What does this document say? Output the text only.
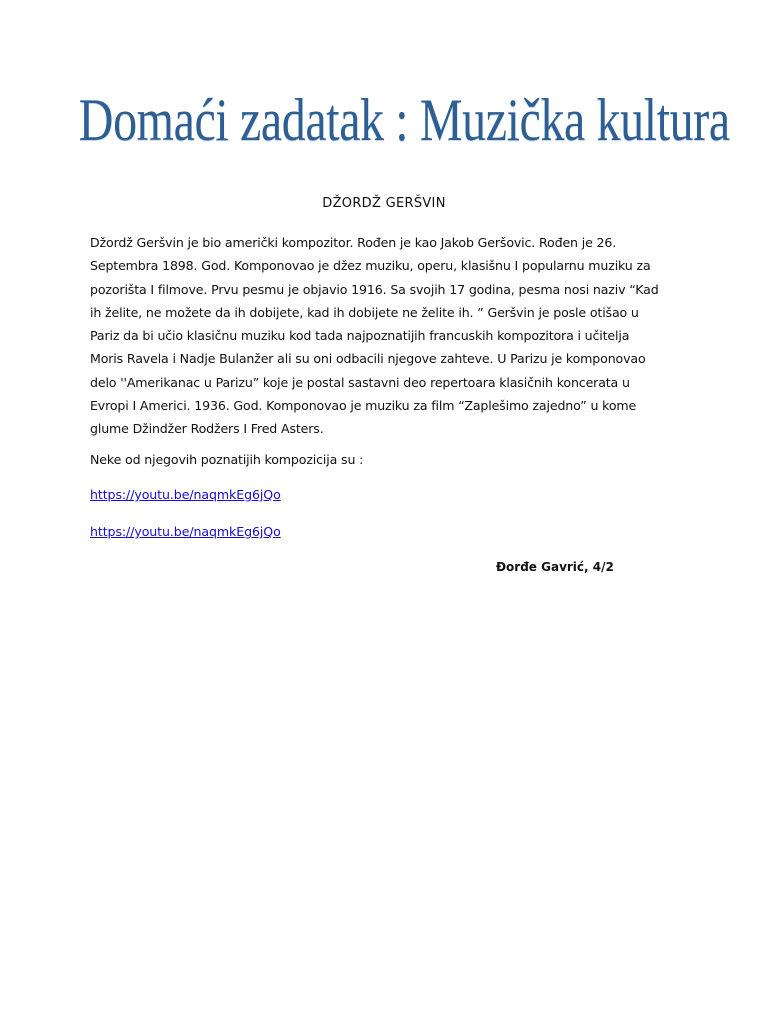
Domaći zadatak : Muzička kultura
DŽORDŽ GERŠVIN
Džordž Geršvin je bio američki kompozitor. Rođen je kao Jakob Geršovic. Rođen je 26.
Septembra 1898. God. Komponovao je džez muziku, operu, klasišnu I popularnu muziku za
pozorišta I filmove. Prvu pesmu je objavio 1916. Sa svojih 17 godina, pesma nosi naziv “Kad
ih želite, ne možete da ih dobijete, kad ih dobijete ne želite ih. ” Geršvin je posle otišao u
Pariz da bi učio klasičnu muziku kod tada najpoznatijih francuskih kompozitora i učitelja
Moris Ravela i Nadje Bulanžer ali su oni odbacili njegove zahteve. U Parizu je komponovao
delo ''Amerikanac u Parizu” koje je postal sastavni deo repertoara klasičnih koncerata u
Evropi I Americi. 1936. God. Komponovao je muziku za film “Zaplešimo zajedno” u kome
glume Džindžer Rodžers I Fred Asters.
Neke od njegovih poznatijih kompozicija su :
https://youtu.be/naqmkEg6jQo
https://youtu.be/naqmkEg6jQo
Đorđe Gavrić, 4/2
